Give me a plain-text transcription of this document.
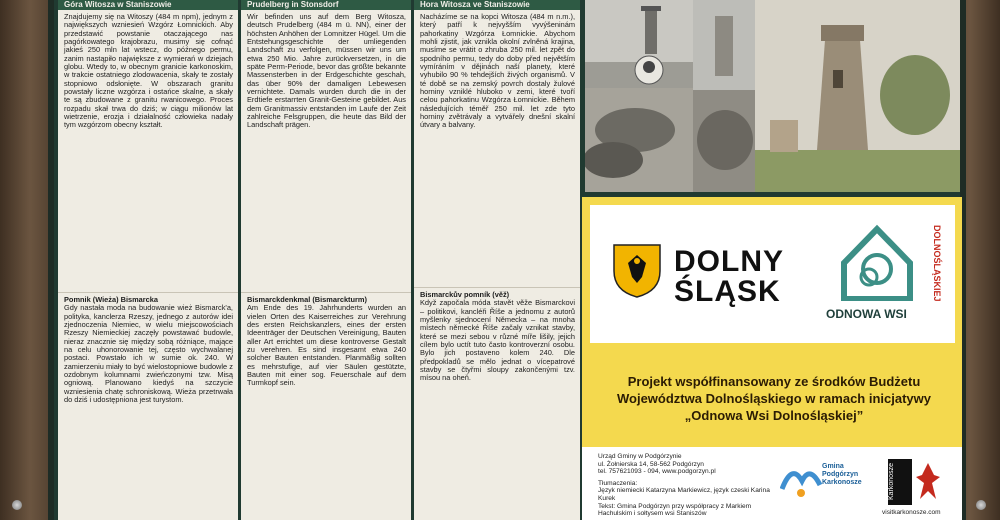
Góra Witosza w Staniszowie
Znajdujemy się na Witoszy (484 m npm), jednym z największych wzniesień Wzgórz Łomnickich. Aby przedstawić powstanie otaczającego nas pagórkowatego krajobrazu, musimy się cofnąć jakieś 250 mln lat wstecz, do późnego permu, zanim nastąpiło największe z wymierań w dziejach globu. Wtedy to, w obecnym granicie karkonoskim, w trakcie ostatniego zlodowacenia, skały te zostały stopniowo odsłonięte. W obszarach granitu powstały liczne wzgórza i ostańce skalne, a skały te są zbudowane z granitu rwanicowego. Proces rozpadu skał trwa do dziś; w ciągu milionów lat wietrzenie, erozja i działalność człowieka nadały tym wzgórzom obecny kształt.
Pomnik (Wieża) Bismarcka
Gdy nastała moda na budowanie wież Bismarck'a, polityka, kanclerza Rzeszy, jednego z autorów idei zjednoczenia Niemiec, w wielu miejscowościach Rzeszy Niemieckiej zaczęły powstawać budowle, nieraz znacznie się między sobą różniące, mające na celu uhonorowanie tej, często wychwalanej postaci. Powstało ich w sumie ok. 240. W zamierzeniu miały to być wielostopniowe budowle z ozdobnym kolumnami zwieńczonymi tzw. Misą ogniową. Planowano kiedyś na szczycie wzniesienia chatę schroniskową. Wieża przetrwała do dziś i udostępniona jest turystom.
Prudelberg in Stonsdorf
Wir befinden uns auf dem Berg Witosza, deutsch Prudelberg (484 m ü. NN), einer der höchsten Anhöhen der Lomnitzer Hügel. Um die Entstehungsgeschichte der umliegenden Landschaft zu verfolgen, müssen wir uns um etwa 250 Mio. Jahre zurückversetzen, in die späte Perm-Periode, bevor das größte bekannte Massensterben in der Erdgeschichte geschah, das über 90% der damaligen Lebewesen vernichtete. Damals wurden durch die in der Erdtiefe erstarrten Granit-Gesteine gebildet. Aus dem Granitmassiv entstanden im Laufe der Zeit zahlreiche Felsgruppen, die heute das Bild der Landschaft prägen.
Bismarckdenkmal (Bismarckturm)
Am Ende des 19. Jahrhunderts wurden an vielen Orten des Kaiserreiches zur Verehrung des ersten Reichskanzlers, eines der ersten Ideenträger der Deutschen Vereinigung, Bauten aller Art errichtet um diese kontroverse Gestalt zu verehren. Es sind insgesamt etwa 240 solcher Bauten entstanden. Planmäßig sollten es mehrstufige, auf vier Säulen gestützte, Bauten mit einer sog. Feuerschale auf dem Turmkopf sein.
Hora Witosza ve Staniszowie
Nacházíme se na kopci Witosza (484 m n.m.), který patří k nejvyšším vyvýšeninám pahorkatiny Wzgórza Łomnickie. Abychom mohli zjistit, jak vznikla okolní zvlněná krajina, musíme se vrátit o zhruba 250 mil. let zpět do spodního permu, tedy do doby před největším vymíráním v dějinách naší planety, které vyhubilo 90 % tehdejších živých organismů. V té době se na zemský povrch dostaly žulové horniny vzniklé hluboko v zemi, které tvoří celou pahorkatinu Wzgórza Łomnickie. Během následujících téměř 250 mil. let zde tyto horniny zvětrávaly a vytvářely dnešní skalní útvary a balvany.
Bismarckův pomník (věž)
Když započala móda stavět věže Bismarckovi – politikovi, kancléři Říše a jednomu z autorů myšlenky sjednocení Německa – na mnoha místech německé Říše začaly vznikat stavby, které se mezi sebou v různé míře lišily, jejich cílem bylo uctít tuto často kontroverzní osobu. Bylo jich postaveno kolem 240. Dle předpokladů se mělo jednat o vícepatrové stavby se čtyřmi sloupy zakončenými tzv. mísou na oheň.
DOLNY
ŚLĄSK
ODNOWA WSI
DOLNOŚLĄSKIEJ
Projekt współfinansowany ze środków Budżetu Województwa Dolnośląskiego w ramach inicjatywy „Odnowa Wsi Dolnośląskiej”
Urząd Gminy w Podgórzynie
ul. Żołnierska 14, 58-562 Podgórzyn
tel. 757621093 - 094, www.podgorzyn.pl
Tłumaczenia:
Język niemiecki Katarzyna Markiewicz, język czeski Karina Kurek
Tekst: Gmina Podgórzyn przy współpracy z Markiem Hachulskim i sołtysem wsi Staniszów
Gmina Podgórzyn Karkonosze	Karkonosze
visitkarkonosze.com
